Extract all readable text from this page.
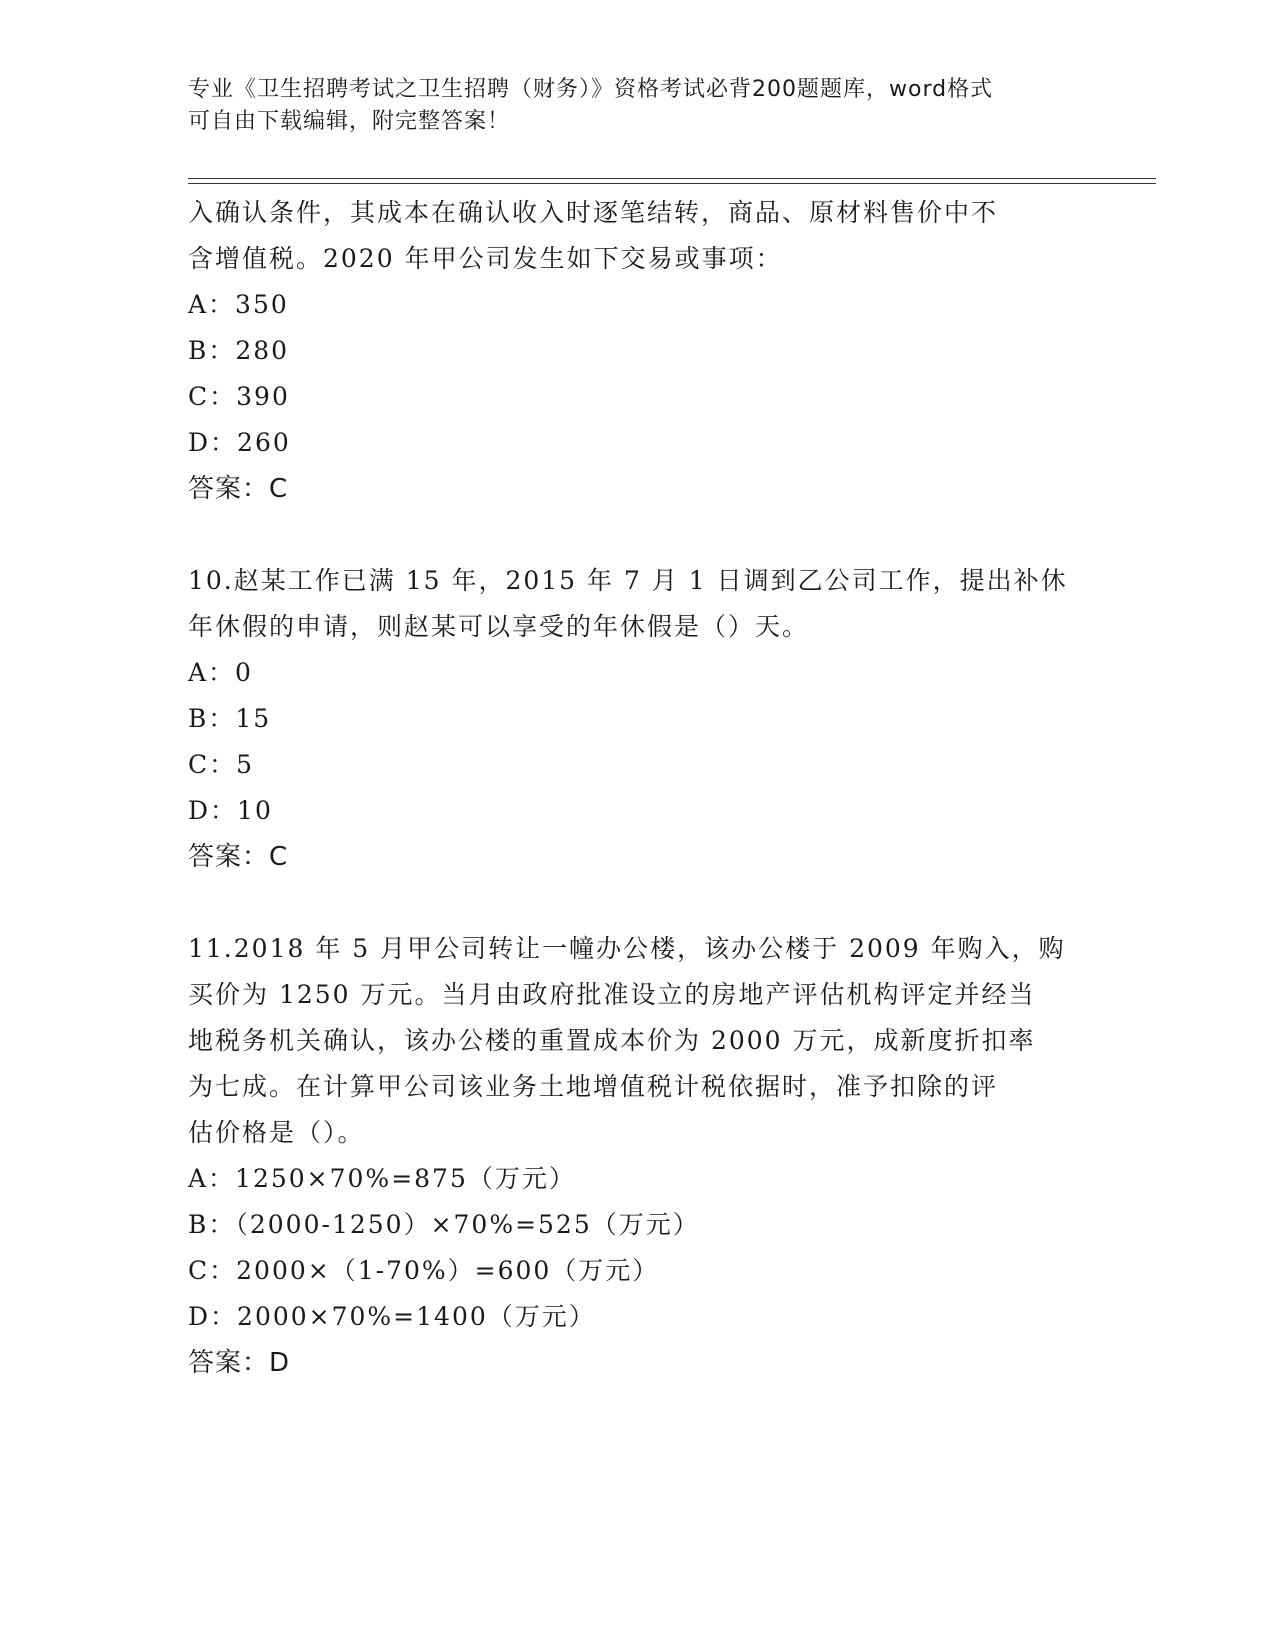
专业《卫生招聘考试之卫生招聘（财务）》资格考试必背200题题库，word格式
可自由下载编辑，附完整答案！
入确认条件，其成本在确认收入时逐笔结转，商品、原材料售价中不
含增值税。2020 年甲公司发生如下交易或事项：
A：350
B：280
C：390
D：260
答案：C
10.赵某工作已满 15 年，2015 年 7 月 1 日调到乙公司工作，提出补休
年休假的申请，则赵某可以享受的年休假是（）天。
A：0
B：15
C：5
D：10
答案：C
11.2018 年 5 月甲公司转让一幢办公楼，该办公楼于 2009 年购入，购
买价为 1250 万元。当月由政府批准设立的房地产评估机构评定并经当
地税务机关确认，该办公楼的重置成本价为 2000 万元，成新度折扣率
为七成。在计算甲公司该业务土地增值税计税依据时，准予扣除的评
估价格是（）。
A：1250×70%=875（万元）
B：（2000-1250）×70%=525（万元）
C：2000×（1-70%）=600（万元）
D：2000×70%=1400（万元）
答案：D
